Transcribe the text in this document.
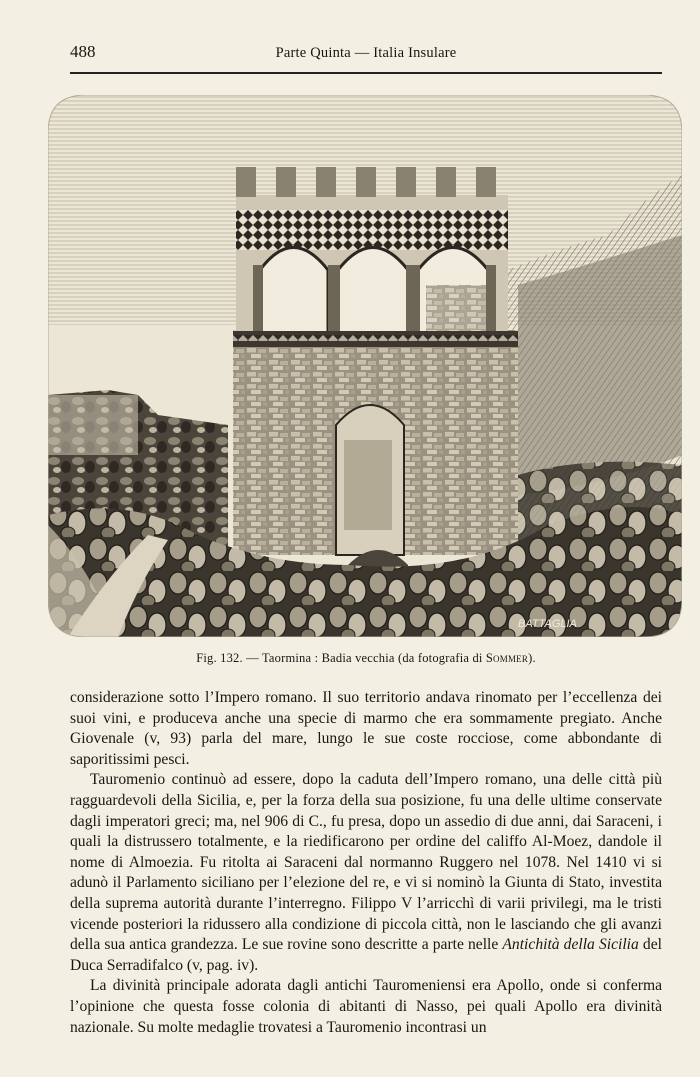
488	Parte Quinta — Italia Insulare
BATTAGLIA
Fig. 132. — Taormina : Badia vecchia (da fotografia di Sommer).

considerazione sotto l’Impero romano. Il suo territorio andava rinomato per l’eccellenza dei suoi vini, e produceva anche una specie di marmo che era sommamente pregiato. Anche Giovenale (v, 93) parla del mare, lungo le sue coste rocciose, come abbondante di saporitissimi pesci.

Tauromenio continuò ad essere, dopo la caduta dell’Impero romano, una delle città più ragguardevoli della Sicilia, e, per la forza della sua posizione, fu una delle ultime conservate dagli imperatori greci; ma, nel 906 di C., fu presa, dopo un assedio di due anni, dai Saraceni, i quali la distrussero totalmente, e la riedificarono per ordine del califfo Al-Moez, dandole il nome di Almoezia. Fu ritolta ai Saraceni dal normanno Ruggero nel 1078. Nel 1410 vi si adunò il Parlamento siciliano per l’elezione del re, e vi si nominò la Giunta di Stato, investita della suprema autorità durante l’interregno. Filippo V l’arricchì di varii privilegi, ma le tristi vicende posteriori la ridussero alla condizione di piccola città, non le lasciando che gli avanzi della sua antica grandezza. Le sue rovine sono descritte a parte nelle Antichità della Sicilia del Duca Serradifalco (v, pag. iv).

La divinità principale adorata dagli antichi Tauromeniensi era Apollo, onde si conferma l’opinione che questa fosse colonia di abitanti di Nasso, pei quali Apollo era divinità nazionale. Su molte medaglie trovatesi a Tauromenio incontrasi un
